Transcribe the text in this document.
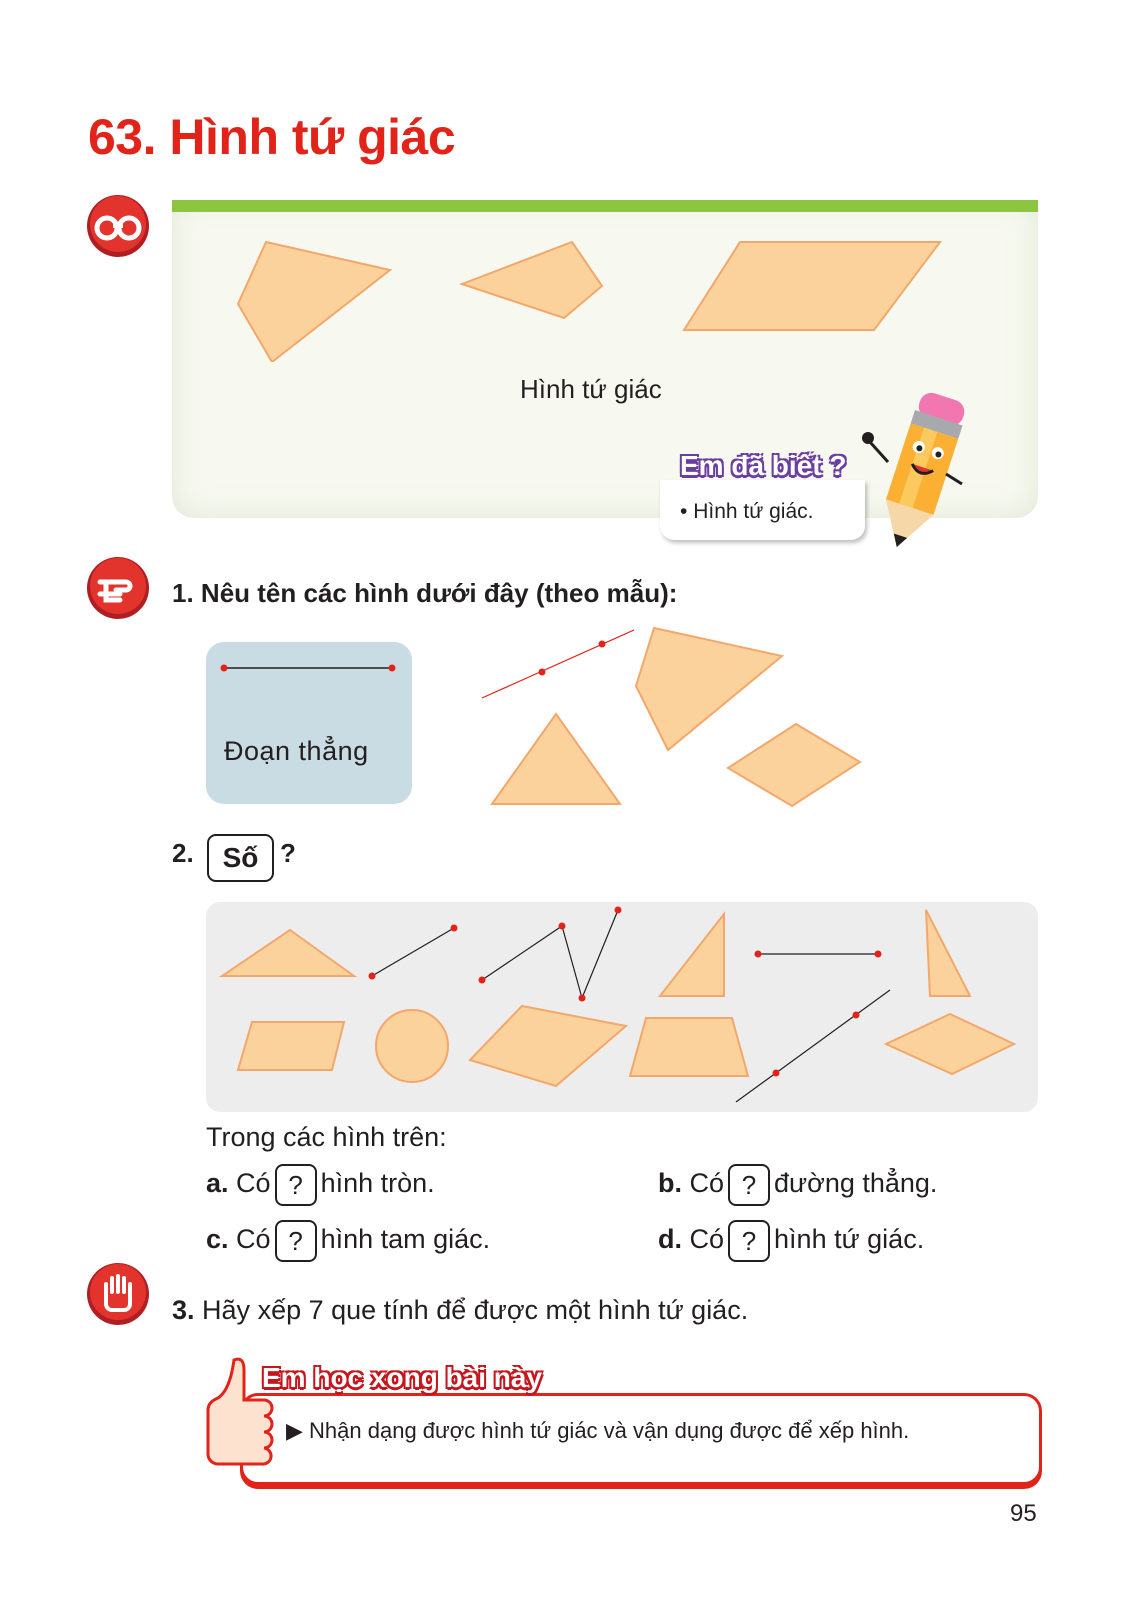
63. Hình tứ giác
Hình tứ giác
Em đã biết ?
• Hình tứ giác.
1. Nêu tên các hình dưới đây (theo mẫu):
Đoạn thẳng
2.	Số ?
Trong các hình trên:
a. Có ? hình tròn.	b. Có ? đường thẳng.
c. Có ? hình tam giác.	d. Có ? hình tứ giác.
3. Hãy xếp 7 que tính để được một hình tứ giác.
Em học xong bài này
▶ Nhận dạng được hình tứ giác và vận dụng được để xếp hình.
95
